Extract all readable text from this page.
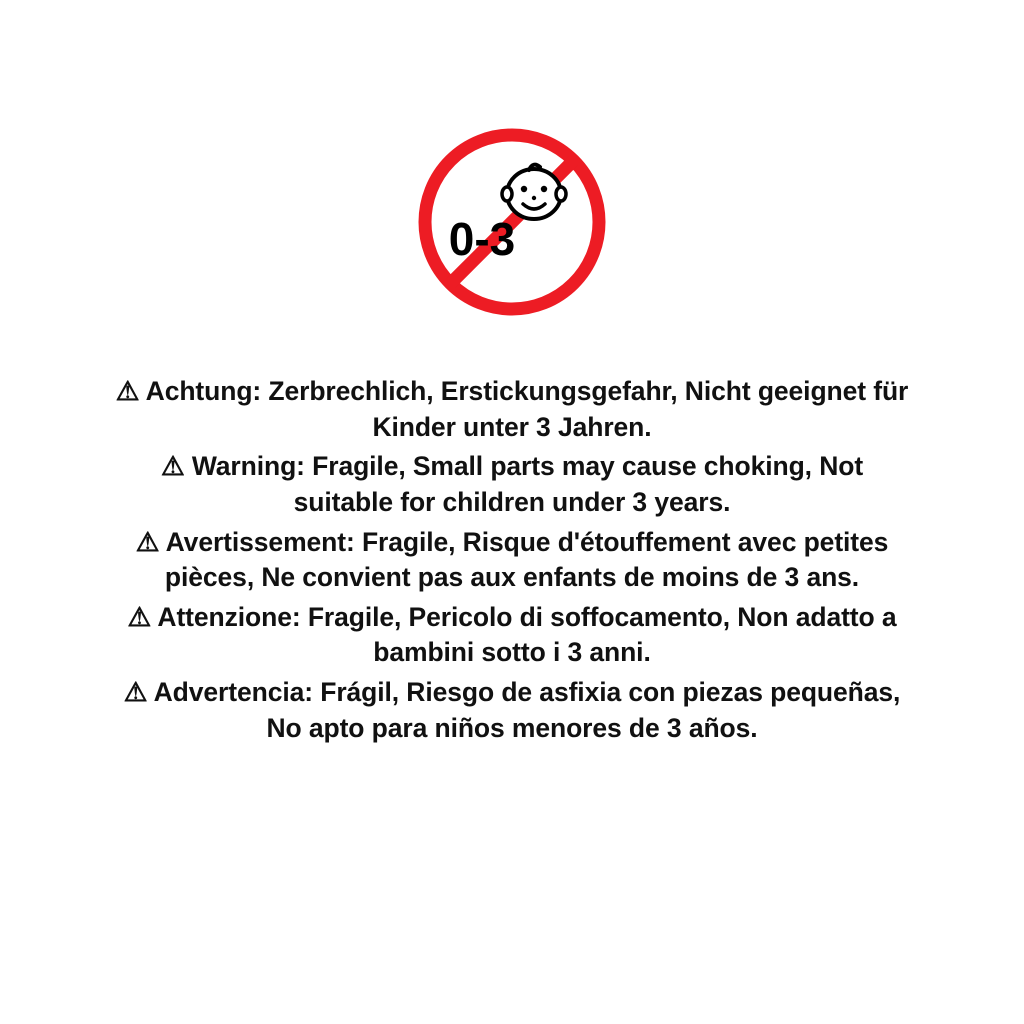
0-3

⚠ Achtung: Zerbrechlich, Erstickungsgefahr, Nicht geeignet für Kinder unter 3 Jahren.

⚠ Warning: Fragile, Small parts may cause choking, Not suitable for children under 3 years.

⚠ Avertissement: Fragile, Risque d'étouffement avec petites pièces, Ne convient pas aux enfants de moins de 3 ans.

⚠ Attenzione: Fragile, Pericolo di soffocamento, Non adatto a bambini sotto i 3 anni.

⚠ Advertencia: Frágil, Riesgo de asfixia con piezas pequeñas, No apto para niños menores de 3 años.
